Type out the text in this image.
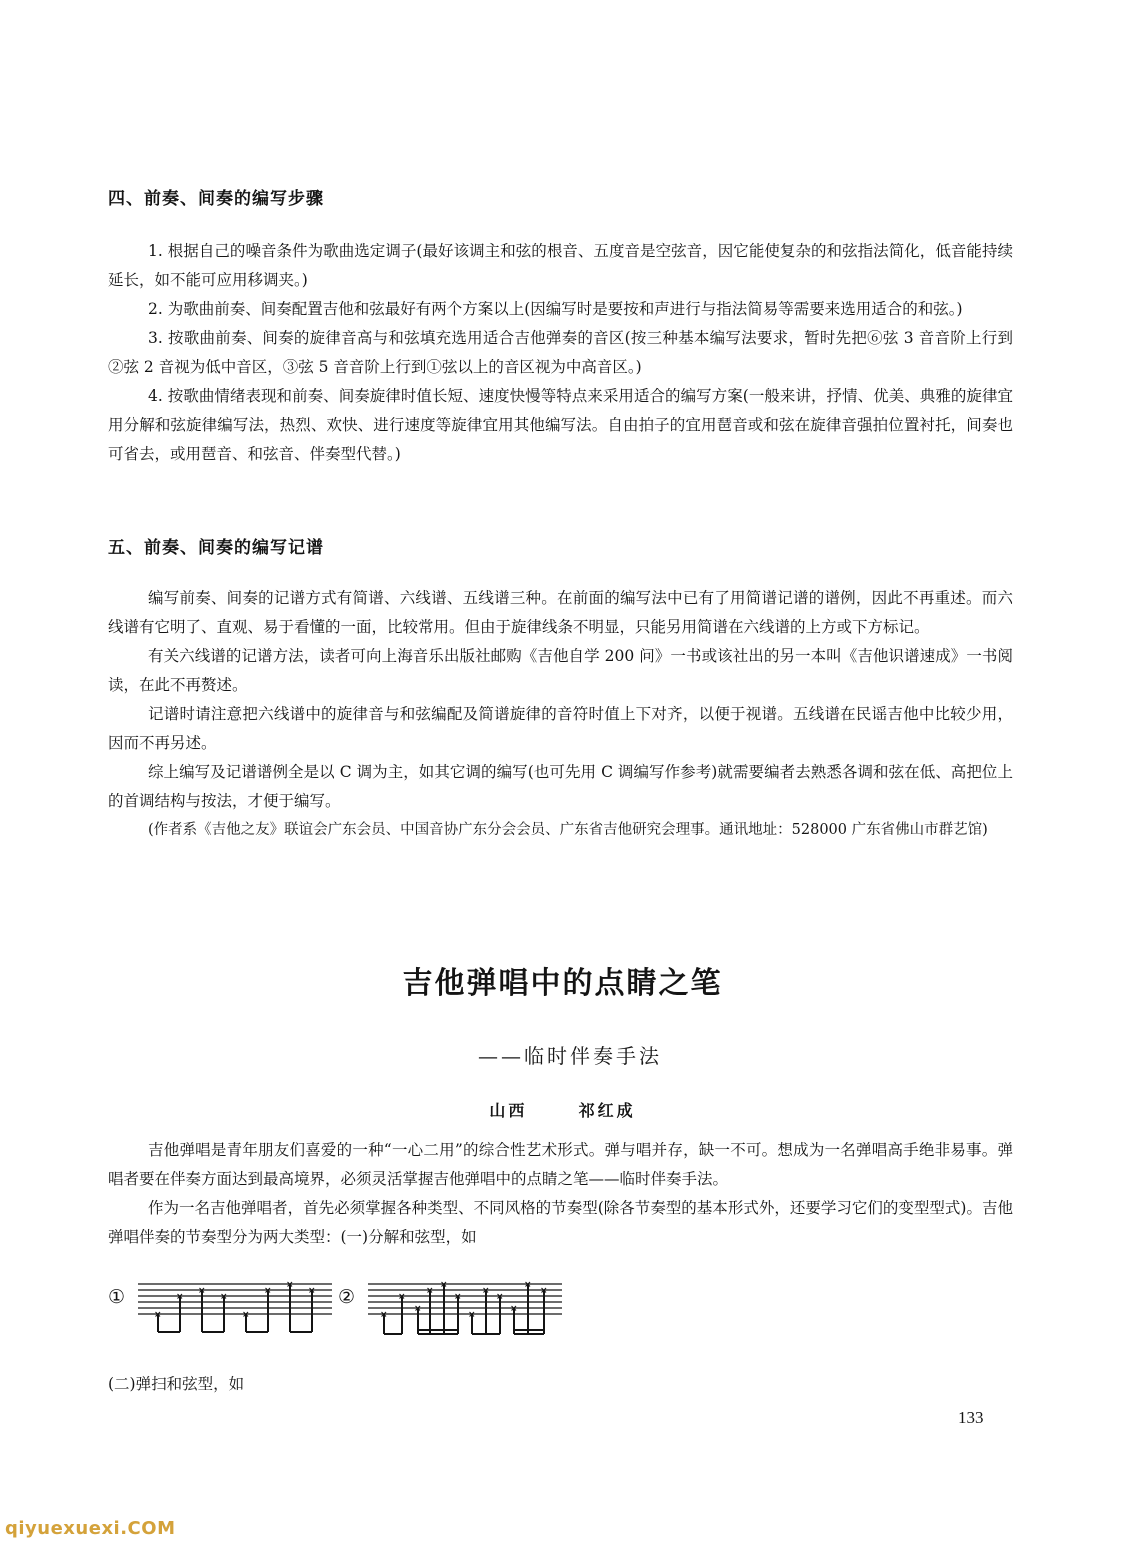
四、前奏、间奏的编写步骤

1. 根据自己的噪音条件为歌曲选定调子(最好该调主和弦的根音、五度音是空弦音，因它能使复杂的和弦指法简化，低音能持续延长，如不能可应用移调夹。)

2. 为歌曲前奏、间奏配置吉他和弦最好有两个方案以上(因编写时是要按和声进行与指法简易等需要来选用适合的和弦。)

3. 按歌曲前奏、间奏的旋律音高与和弦填充选用适合吉他弹奏的音区(按三种基本编写法要求，暂时先把⑥弦 3 音音阶上行到②弦 2 音视为低中音区，③弦 5 音音阶上行到①弦以上的音区视为中高音区。)

4. 按歌曲情绪表现和前奏、间奏旋律时值长短、速度快慢等特点来采用适合的编写方案(一般来讲，抒情、优美、典雅的旋律宜用分解和弦旋律编写法，热烈、欢快、进行速度等旋律宜用其他编写法。自由拍子的宜用琶音或和弦在旋律音强拍位置衬托，间奏也可省去，或用琶音、和弦音、伴奏型代替。)

五、前奏、间奏的编写记谱

编写前奏、间奏的记谱方式有简谱、六线谱、五线谱三种。在前面的编写法中已有了用简谱记谱的谱例，因此不再重述。而六线谱有它明了、直观、易于看懂的一面，比较常用。但由于旋律线条不明显，只能另用简谱在六线谱的上方或下方标记。

有关六线谱的记谱方法，读者可向上海音乐出版社邮购《吉他自学 200 问》一书或该社出的另一本叫《吉他识谱速成》一书阅读，在此不再赘述。

记谱时请注意把六线谱中的旋律音与和弦编配及简谱旋律的音符时值上下对齐，以便于视谱。五线谱在民谣吉他中比较少用，因而不再另述。

综上编写及记谱谱例全是以 C 调为主，如其它调的编写(也可先用 C 调编写作参考)就需要编者去熟悉各调和弦在低、高把位上的首调结构与按法，才便于编写。

(作者系《吉他之友》联谊会广东会员、中国音协广东分会会员、广东省吉他研究会理事。通讯地址：528000 广东省佛山市群艺馆)

吉他弹唱中的点睛之笔
——临时伴奏手法
山西	祁红成

吉他弹唱是青年朋友们喜爱的一种“一心二用”的综合性艺术形式。弹与唱并存，缺一不可。想成为一名弹唱高手绝非易事。弹唱者要在伴奏方面达到最高境界，必须灵活掌握吉他弹唱中的点睛之笔——临时伴奏手法。

作为一名吉他弹唱者，首先必须掌握各种类型、不同风格的节奏型(除各节奏型的基本形式外，还要学习它们的变型型式)。吉他弹唱伴奏的节奏型分为两大类型：(一)分解和弦型，如

①
×
×
×
×
×
×
×
× ②
×
×
×
×
×
×
×
×
×
×
×
×
(二)弹扫和弦型，如
133
qiyuexuexi.COM
